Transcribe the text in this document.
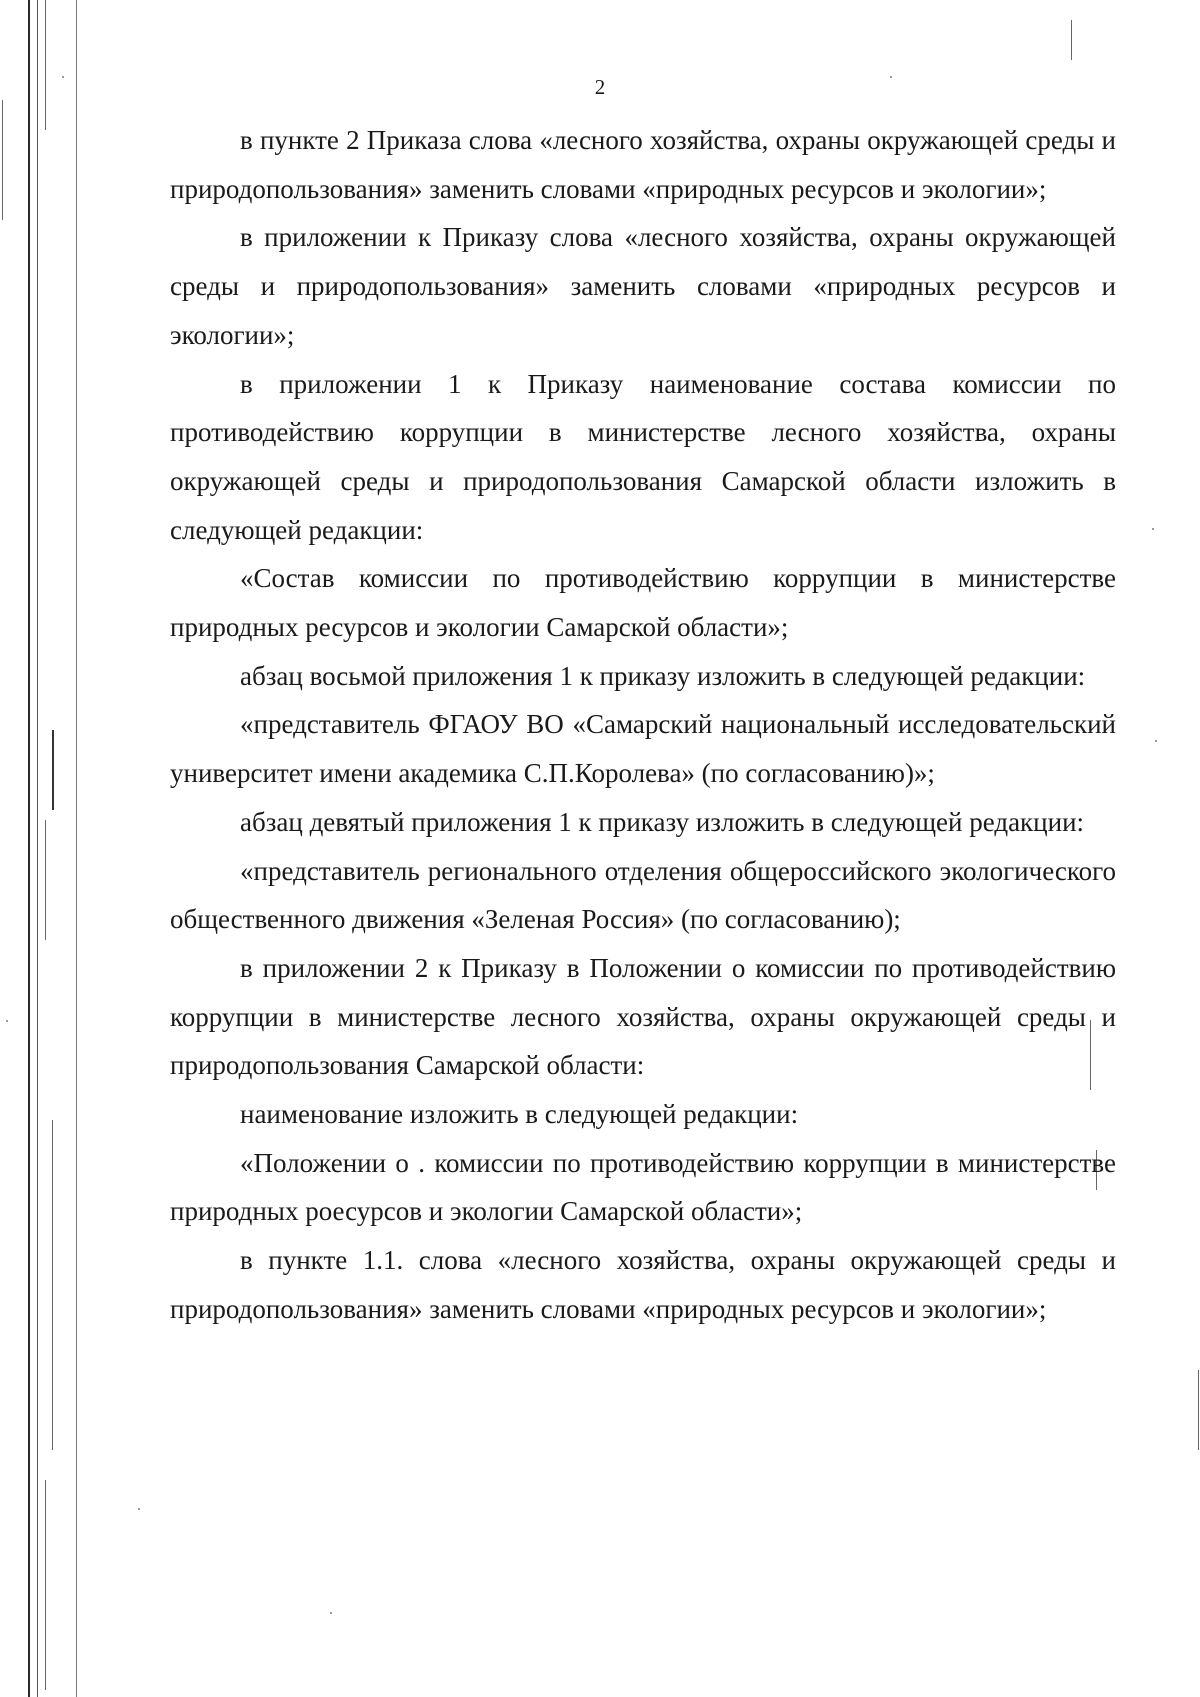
2

в пункте 2 Приказа слова «лесного хозяйства, охраны окружающей среды и природопользования» заменить словами «природных ресурсов и экологии»;

в приложении к Приказу слова «лесного хозяйства, охраны окружающей среды и природопользования» заменить словами «природных ресурсов и экологии»;

в приложении 1 к Приказу наименование состава комиссии по противодействию коррупции в министерстве лесного хозяйства, охраны окружающей среды и природопользования Самарской области изложить в следующей редакции:

«Состав комиссии по противодействию коррупции в министерстве природных ресурсов и экологии Самарской области»;

абзац восьмой приложения 1 к приказу изложить в следующей редакции:

«представитель ФГАОУ ВО «Самарский национальный исследовательский университет имени академика С.П.Королева» (по согласованию)»;

абзац девятый приложения 1 к приказу изложить в следующей редакции:

«представитель регионального отделения общероссийского экологического общественного движения «Зеленая Россия» (по согласованию);

в приложении 2 к Приказу в Положении о комиссии по противодействию коррупции в министерстве лесного хозяйства, охраны окружающей среды и природопользования Самарской области:

наименование изложить в следующей редакции:

«Положении о . комиссии по противодействию коррупции в министерстве природных роесурсов и экологии Самарской области»;

в пункте 1.1. слова «лесного хозяйства, охраны окружающей среды и природопользования» заменить словами «природных ресурсов и экологии»;
